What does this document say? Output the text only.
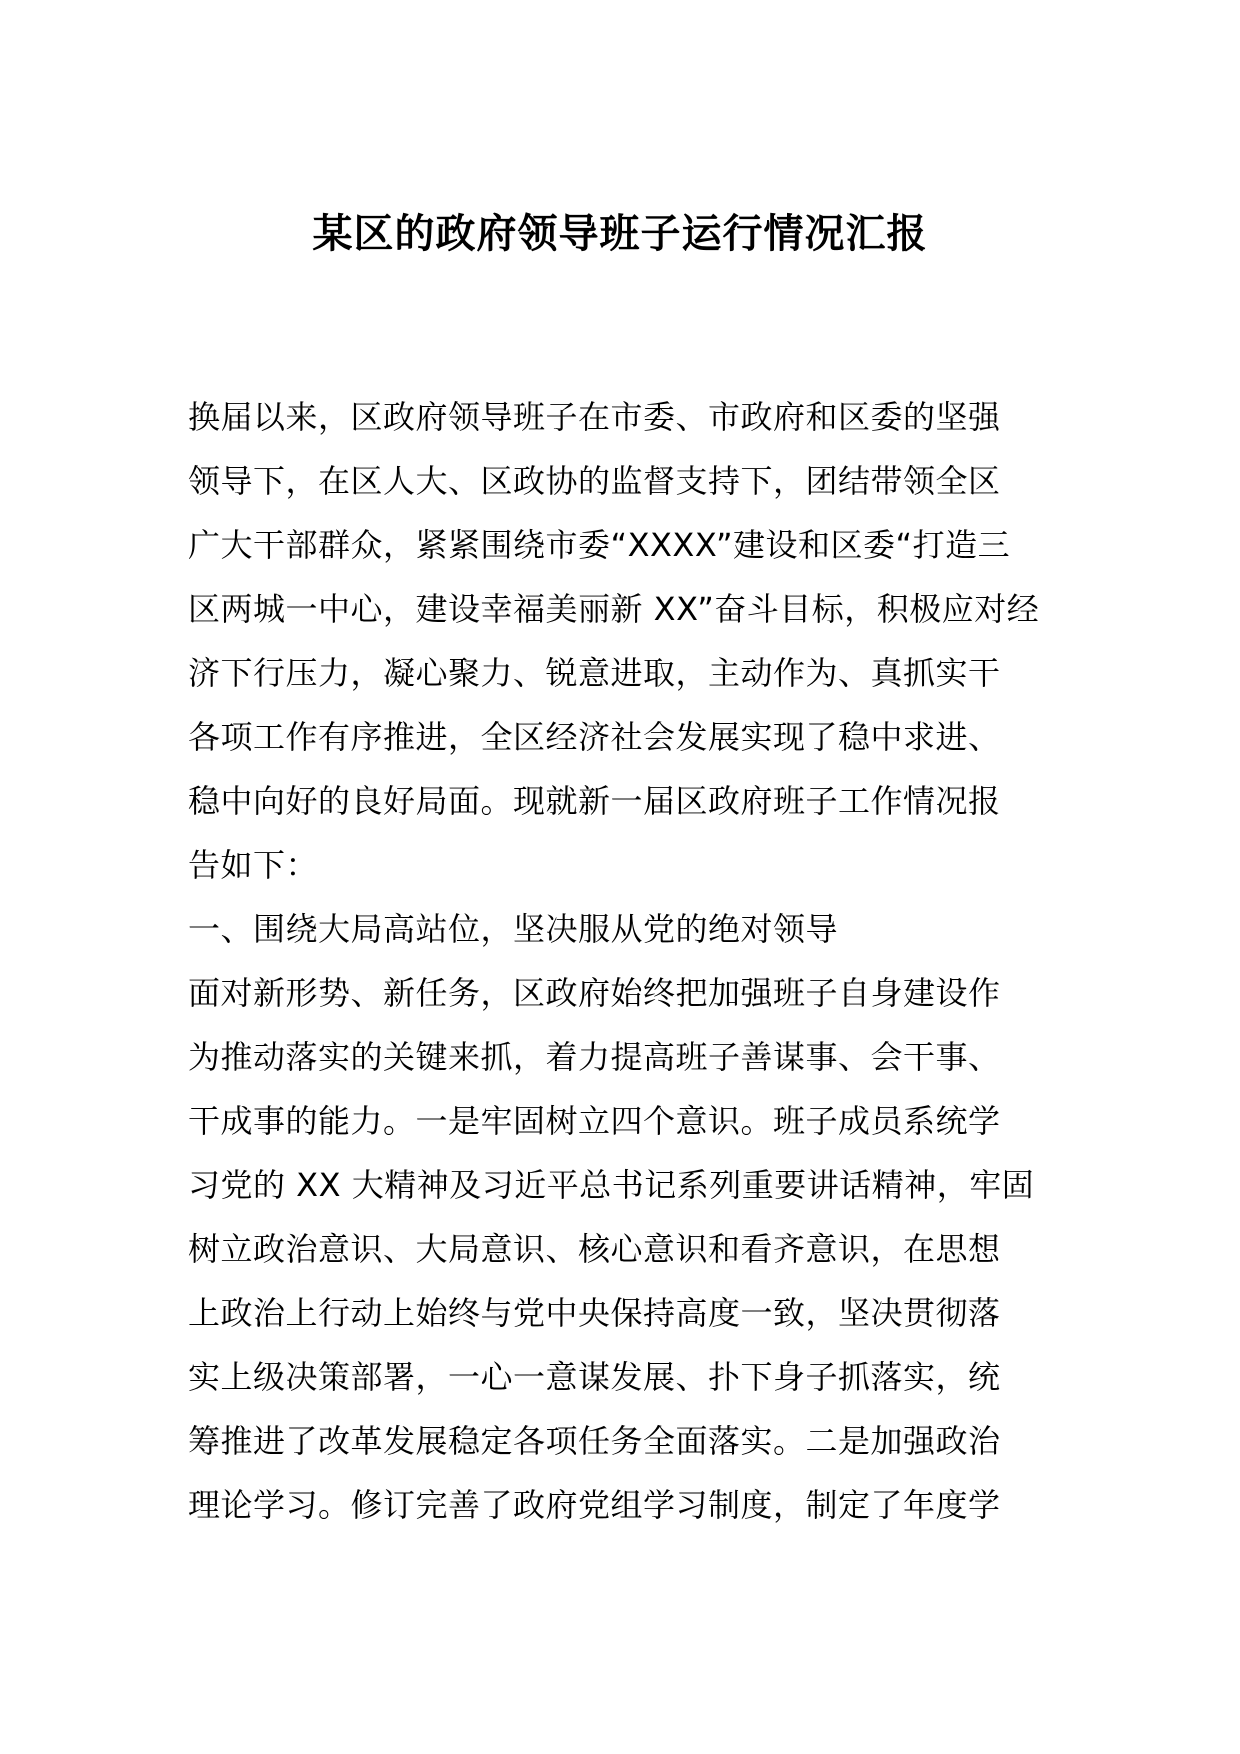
某区的政府领导班子运行情况汇报
换届以来，区政府领导班子在市委、市政府和区委的坚强
领导下，在区人大、区政协的监督支持下，团结带领全区
广大干部群众，紧紧围绕市委“XXXX”建设和区委“打造三
区两城一中心，建设幸福美丽新 XX”奋斗目标，积极应对经
济下行压力，凝心聚力、锐意进取，主动作为、真抓实干
各项工作有序推进，全区经济社会发展实现了稳中求进、
稳中向好的良好局面。现就新一届区政府班子工作情况报
告如下：
一、围绕大局高站位，坚决服从党的绝对领导
面对新形势、新任务，区政府始终把加强班子自身建设作
为推动落实的关键来抓，着力提高班子善谋事、会干事、
干成事的能力。一是牢固树立四个意识。班子成员系统学
习党的 XX 大精神及习近平总书记系列重要讲话精神，牢固
树立政治意识、大局意识、核心意识和看齐意识，在思想
上政治上行动上始终与党中央保持高度一致，坚决贯彻落
实上级决策部署，一心一意谋发展、扑下身子抓落实，统
筹推进了改革发展稳定各项任务全面落实。二是加强政治
理论学习。修订完善了政府党组学习制度，制定了年度学
